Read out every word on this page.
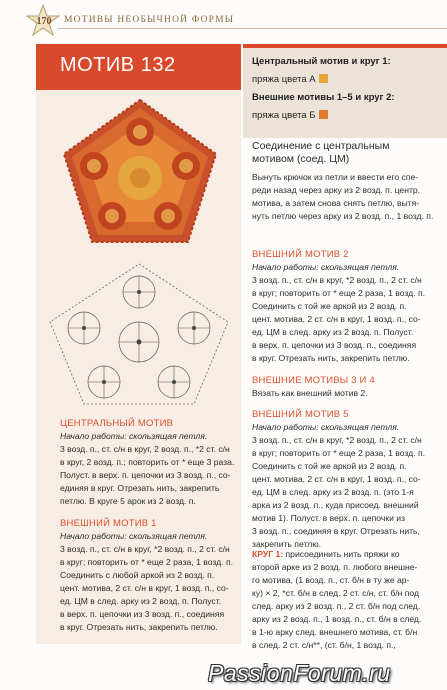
170	МОТИВЫ НЕОБЫЧНОЙ ФОРМЫ
МОТИВ 132
ЦЕНТРАЛЬНЫЙ МОТИВ
Начало работы: скользящая петля.
3 возд. п., ст. с/н в круг, 2 возд. п., *2 ст. с/н
в круг, 2 возд. п.; повторить от * еще 3 раза.
Полуст. в верх. п. цепочки из 3 возд. п., со-
единяя в круг. Отрезать нить, закрепить
петлю. В круге 5 арок из 2 возд. п.
ВНЕШНИЙ МОТИВ 1
Начало работы: скользящая петля.
3 возд. п., ст. с/н в круг, *2 возд. п., 2 ст. с/н
в круг; повторить от * еще 2 раза, 1 возд. п.
Соединить с любой аркой из 2 возд. п.
цент. мотива, 2 ст. с/н в круг, 1 возд. п., со-
ед. ЦМ в след. арку из 2 возд. п. Полуст.
в верх. п. цепочки из 3 возд. п., соединяя
в круг. Отрезать нить, закрепить петлю.
Центральный мотив и круг 1:
пряжа цвета А
Внешние мотивы 1–5 и круг 2:
пряжа цвета Б
Соединение с центральным
мотивом (соед. ЦМ)
Вынуть крючок из петли и ввести его спе-
реди назад через арку из 2 возд. п. центр.
мотива, а затем снова снять петлю, вытя-
нуть петлю через арку из 2 возд. п., 1 возд. п.
ВНЕШНИЙ МОТИВ 2
Начало работы: скользящая петля.
3 возд. п., ст. с/н в круг, *2 возд. п., 2 ст. с/н
в круг; повторить от * еще 2 раза, 1 возд. п.
Соединить с той же аркой из 2 возд. п.
цент. мотива, 2 ст. с/н в круг, 1 возд. п., со-
ед. ЦМ в след. арку из 2 возд. п. Полуст.
в верх. п. цепочки из 3 возд. п., соединяя
в круг. Отрезать нить, закрепить петлю.
ВНЕШНИЕ МОТИВЫ 3 И 4
Вязать как внешний мотив 2.
ВНЕШНИЙ МОТИВ 5
Начало работы: скользящая петля.
3 возд. п., ст. с/н в круг, *2 возд. п., 2 ст. с/н
в круг; повторить от * еще 2 раза, 1 возд. п.
Соединить с той же аркой из 2 возд. п.
цент. мотива, 2 ст. с/н в круг, 1 возд. п., со-
ед. ЦМ в след. арку из 2 возд. п. (это 1-я
арка из 2 возд. п., куда присоед. внешний
мотив 1). Полуст. в верх. п. цепочки из
3 возд. п., соединяя в круг. Отрезать нить,
закрепить петлю.
КРУГ 1: присоединить нить пряжи ко
второй арке из 2 возд. п. любого внешне-
го мотива, (1 возд. п., ст. б/н в ту же ар-
ку) × 2, *ст. б/н в след. 2 ст. с/н, ст. б/н под
след. арку из 2 возд. п., 2 ст. б/н под след.
арку из 2 возд. п., 1 возд. п., ст. б/н в след.
в 1-ю арку след. внешнего мотива, ст. б/н
в след. 2 ст. с/н**, (ст. б/н, 1 возд. п.,
PassionForum.ru
